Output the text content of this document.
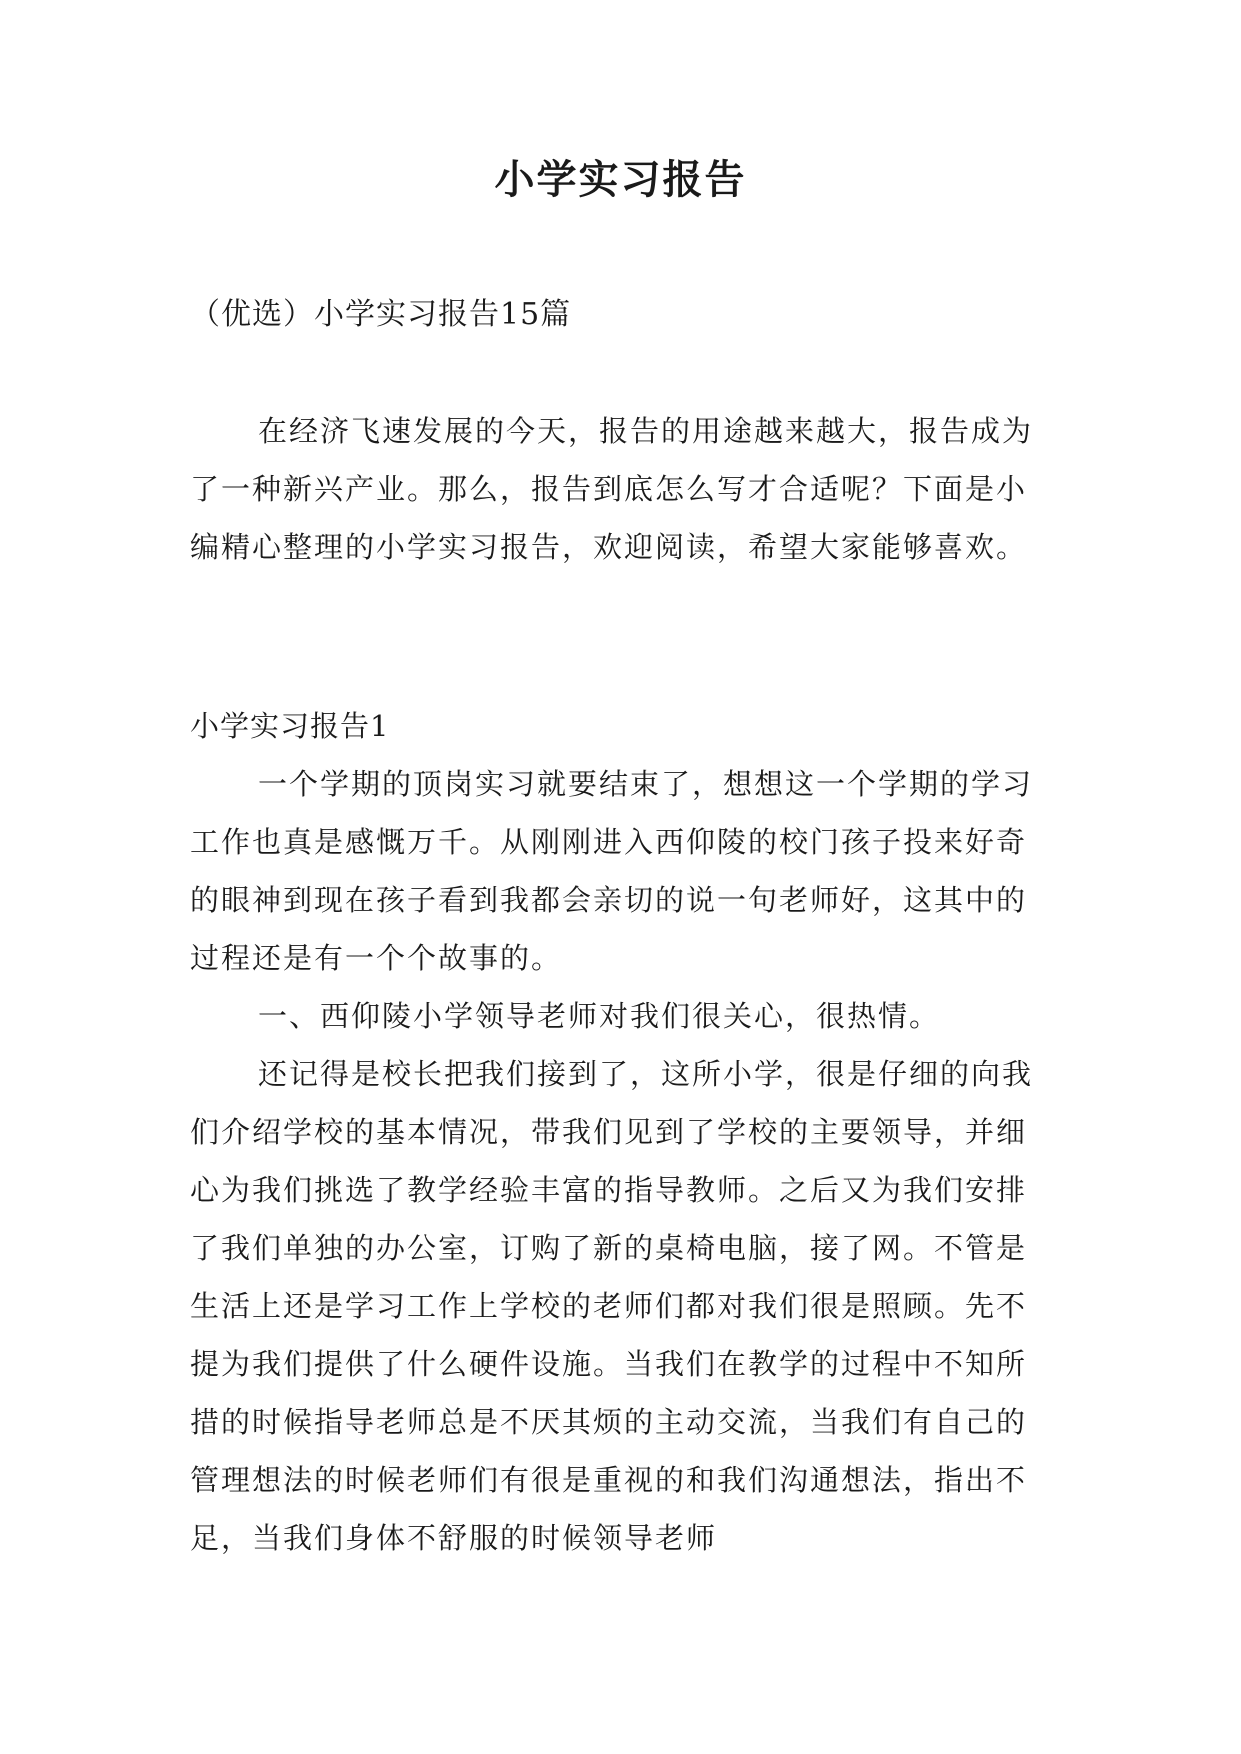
小学实习报告

（优选）小学实习报告15篇

在经济飞速发展的今天，报告的用途越来越大，报告成为了一种新兴产业。那么，报告到底怎么写才合适呢？下面是小编精心整理的小学实习报告，欢迎阅读，希望大家能够喜欢。

小学实习报告1

一个学期的顶岗实习就要结束了，想想这一个学期的学习工作也真是感慨万千。从刚刚进入西仰陵的校门孩子投来好奇的眼神到现在孩子看到我都会亲切的说一句老师好，这其中的过程还是有一个个故事的。

一、西仰陵小学领导老师对我们很关心，很热情。

还记得是校长把我们接到了，这所小学，很是仔细的向我们介绍学校的基本情况，带我们见到了学校的主要领导，并细心为我们挑选了教学经验丰富的指导教师。之后又为我们安排了我们单独的办公室，订购了新的桌椅电脑，接了网。不管是生活上还是学习工作上学校的老师们都对我们很是照顾。先不提为我们提供了什么硬件设施。当我们在教学的过程中不知所措的时候指导老师总是不厌其烦的主动交流，当我们有自己的管理想法的时候老师们有很是重视的和我们沟通想法，指出不足，当我们身体不舒服的时候领导老师
